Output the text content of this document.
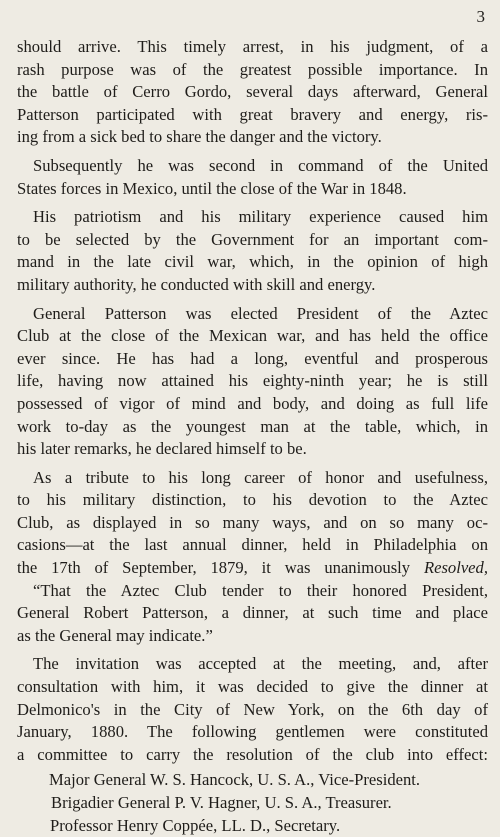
3
should arrive. This timely arrest, in his judgment, of a
rash purpose was of the greatest possible importance. In
the battle of Cerro Gordo, several days afterward, General
Patterson participated with great bravery and energy, ris-
ing from a sick bed to share the danger and the victory.
Subsequently he was second in command of the United
States forces in Mexico, until the close of the War in 1848.
His patriotism and his military experience caused him
to be selected by the Government for an important com-
mand in the late civil war, which, in the opinion of high
military authority, he conducted with skill and energy.
General Patterson was elected President of the Aztec
Club at the close of the Mexican war, and has held the office
ever since. He has had a long, eventful and prosperous
life, having now attained his eighty-ninth year; he is still
possessed of vigor of mind and body, and doing as full life
work to-day as the youngest man at the table, which, in
his later remarks, he declared himself to be.
As a tribute to his long career of honor and usefulness,
to his military distinction, to his devotion to the Aztec
Club, as displayed in so many ways, and on so many oc-
casions—at the last annual dinner, held in Philadelphia on
the 17th of September, 1879, it was unanimously Resolved,
“That the Aztec Club tender to their honored President,
General Robert Patterson, a dinner, at such time and place
as the General may indicate.”
The invitation was accepted at the meeting, and, after
consultation with him, it was decided to give the dinner at
Delmonico's in the City of New York, on the 6th day of
January, 1880. The following gentlemen were constituted
a committee to carry the resolution of the club into effect:
Major General W. S. Hancock, U. S. A., Vice-President.
Brigadier General P. V. Hagner, U. S. A., Treasurer.
Professor Henry Coppée, LL. D., Secretary.
